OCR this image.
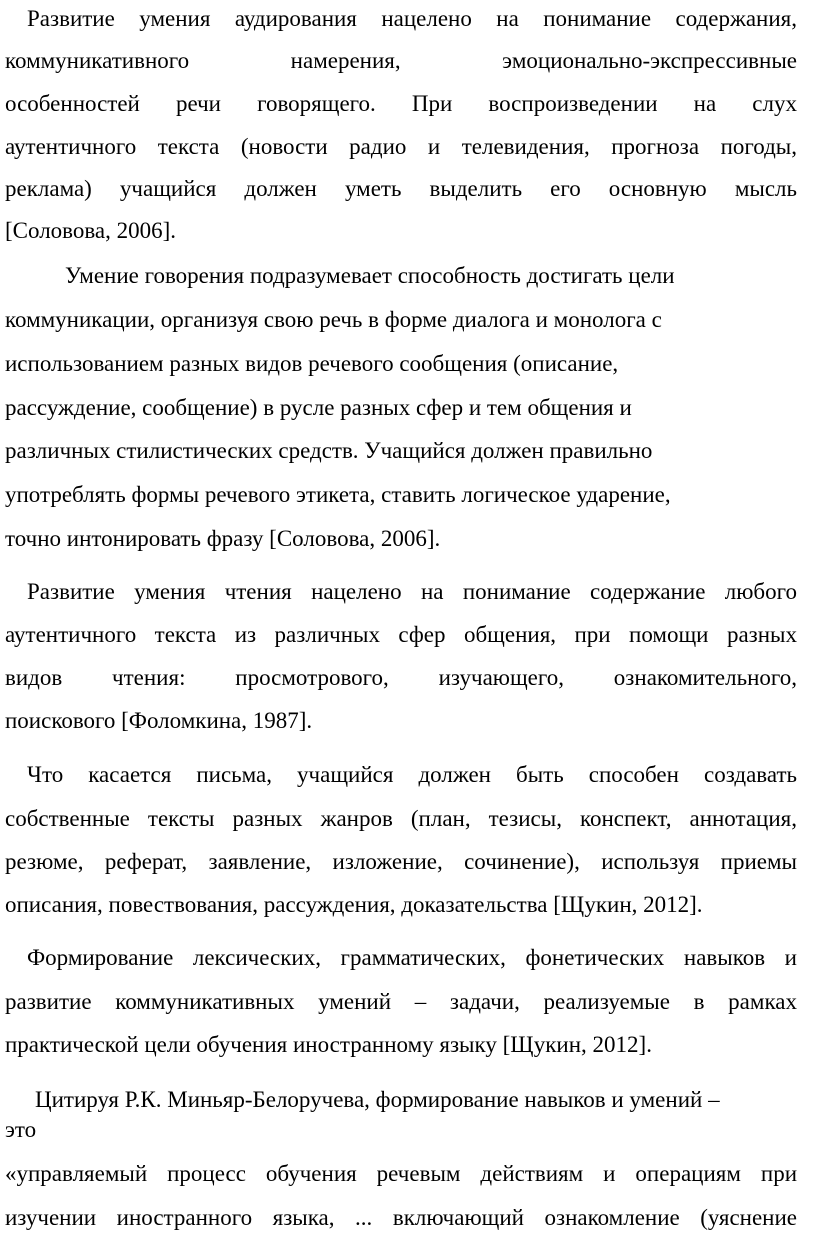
Развитие умения аудирования нацелено на понимание содержания,
коммуникативного намерения, эмоционально-экспрессивные
особенностей речи говорящего. При воспроизведении на слух
аутентичного текста (новости радио и телевидения, прогноза погоды,
реклама) учащийся должен уметь выделить его основную мысль
[Соловова, 2006].
Умение говорения подразумевает способность достигать цели
коммуникации, организуя свою речь в форме диалога и монолога с
использованием разных видов речевого сообщения (описание,
рассуждение, сообщение) в русле разных сфер и тем общения и
различных стилистических средств. Учащийся должен правильно
употреблять формы речевого этикета, ставить логическое ударение,
точно интонировать фразу [Соловова, 2006].
Развитие умения чтения нацелено на понимание содержание любого
аутентичного текста из различных сфер общения, при помощи разных
видов чтения: просмотрового, изучающего, ознакомительного,
поискового [Фоломкина, 1987].
Что касается письма, учащийся должен быть способен создавать
собственные тексты разных жанров (план, тезисы, конспект, аннотация,
резюме, реферат, заявление, изложение, сочинение), используя приемы
описания, повествования, рассуждения, доказательства [Щукин, 2012].
Формирование лексических, грамматических, фонетических навыков и
развитие коммуникативных умений – задачи, реализуемые в рамках
практической цели обучения иностранному языку [Щукин, 2012].
Цитируя Р.К. Миньяр-Белоручева, формирование навыков и умений –
это
«управляемый процесс обучения речевым действиям и операциям при
изучении иностранного языка, ... включающий ознакомление (уяснение
